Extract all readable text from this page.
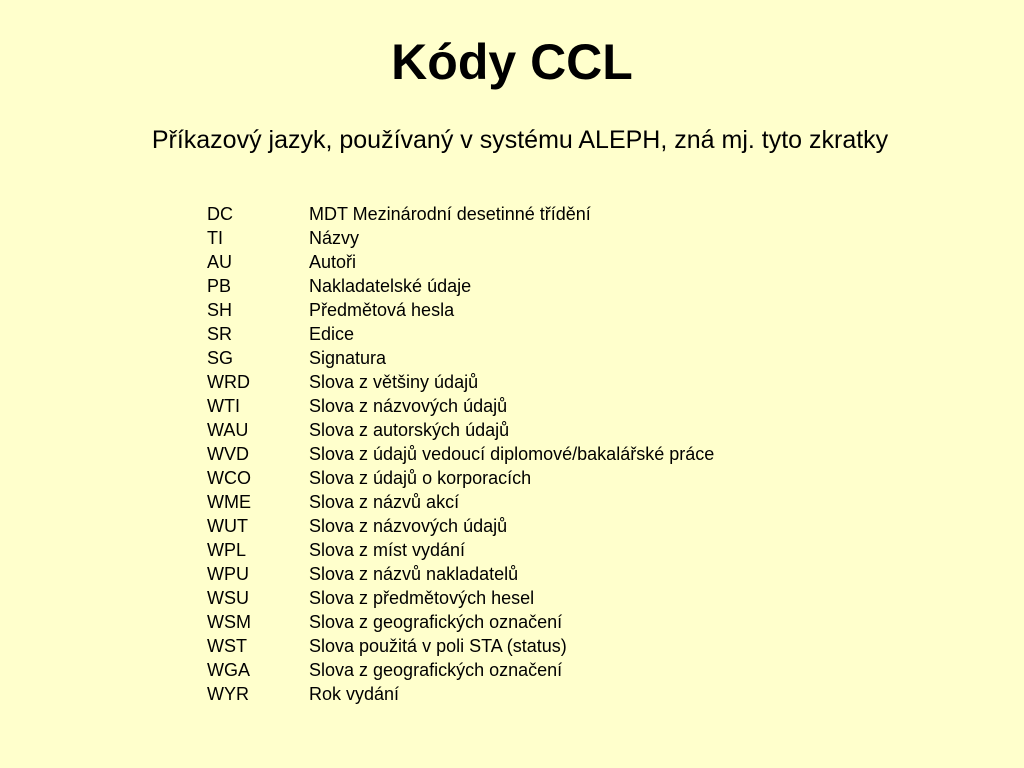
Kódy CCL

Příkazový jazyk, používaný v systému ALEPH, zná mj. tyto zkratky

DC	MDT Mezinárodní desetinné třídění
TI	Názvy
AU	Autoři
PB	Nakladatelské údaje
SH	Předmětová hesla
SR	Edice
SG	Signatura
WRD	Slova z většiny údajů
WTI	Slova z názvových údajů
WAU	Slova z autorských údajů
WVD	Slova z údajů vedoucí diplomové/bakalářské práce
WCO	Slova z údajů o korporacích
WME	Slova z názvů akcí
WUT	Slova z názvových údajů
WPL	Slova z míst vydání
WPU	Slova z názvů nakladatelů
WSU	Slova z předmětových hesel
WSM	Slova z geografických označení
WST	Slova použitá v poli STA (status)
WGA	Slova z geografických označení
WYR	Rok vydání
